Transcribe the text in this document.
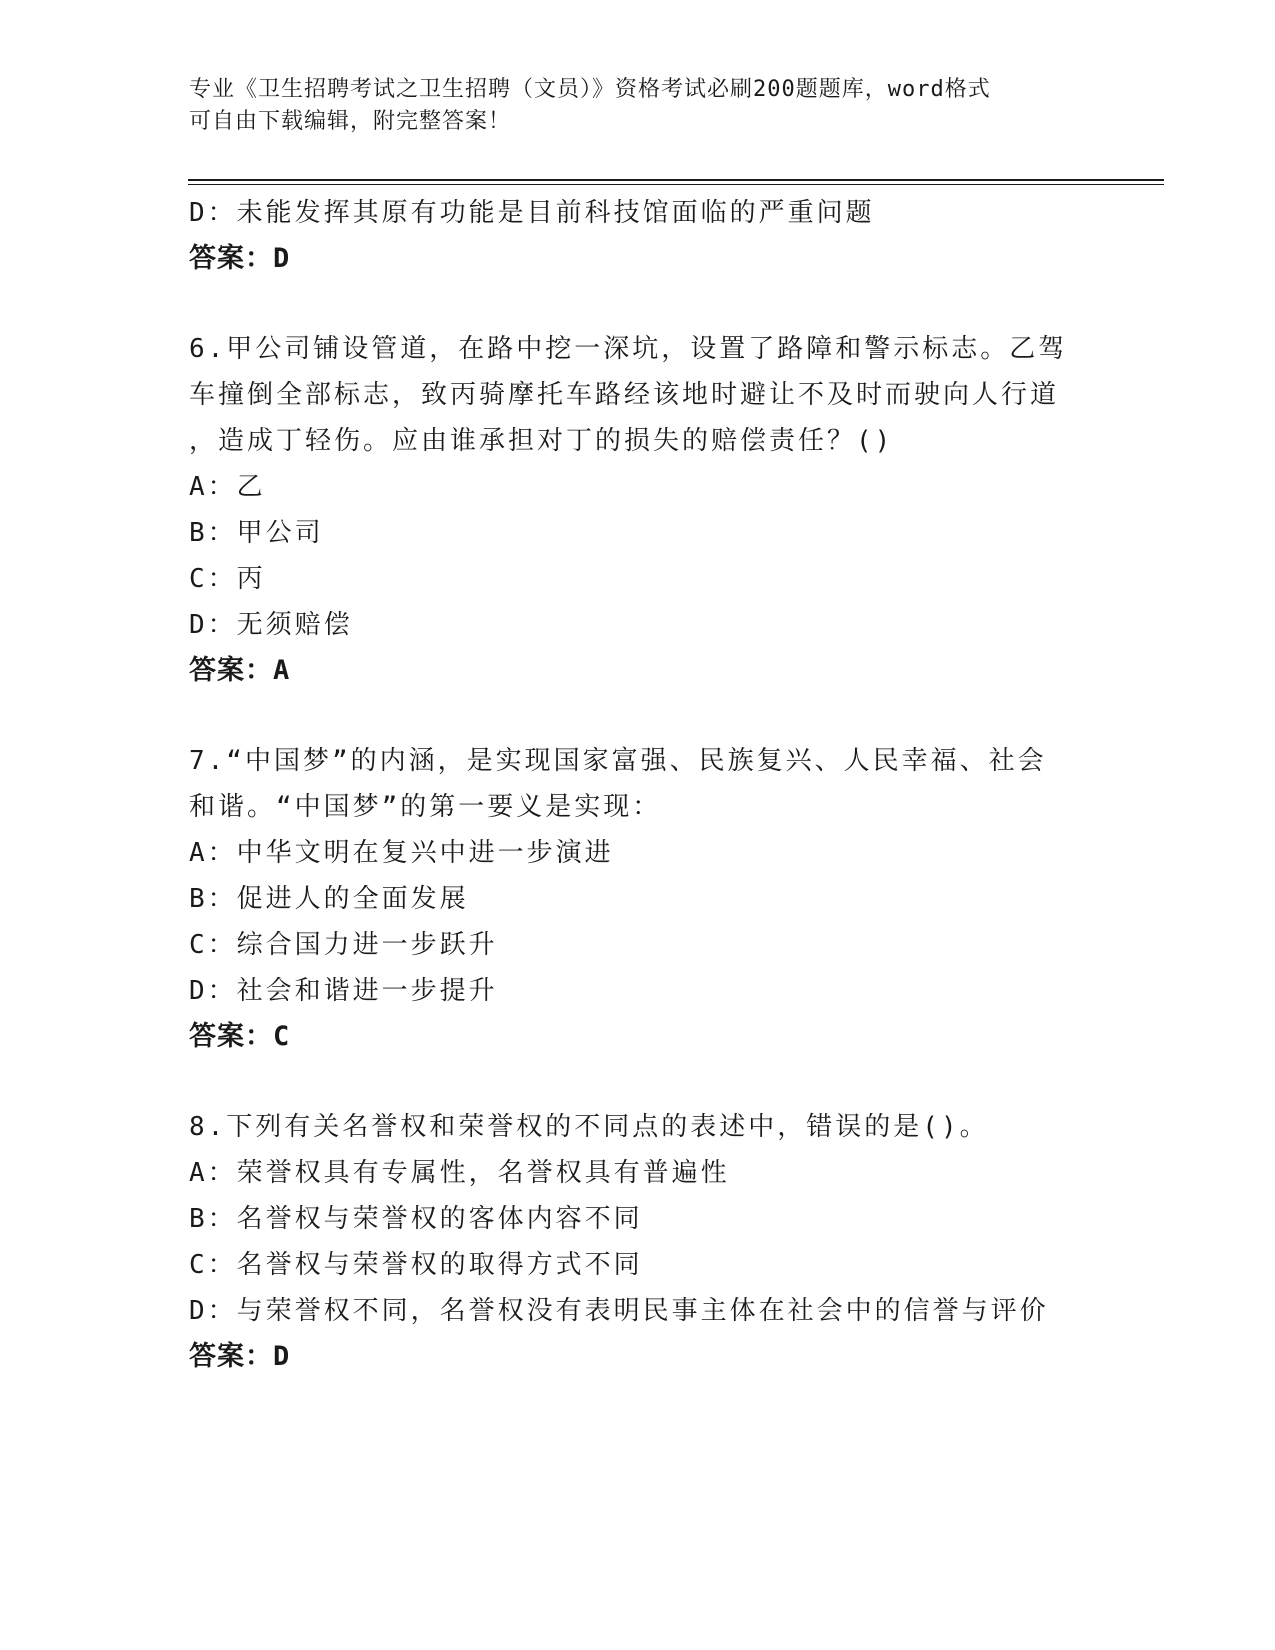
专业《卫生招聘考试之卫生招聘（文员）》资格考试必刷200题题库，word格式
可自由下载编辑，附完整答案！
D：未能发挥其原有功能是目前科技馆面临的严重问题
答案：D
6.甲公司铺设管道，在路中挖一深坑，设置了路障和警示标志。乙驾
车撞倒全部标志，致丙骑摩托车路经该地时避让不及时而驶向人行道
，造成丁轻伤。应由谁承担对丁的损失的赔偿责任？()
A：乙
B：甲公司
C：丙
D：无须赔偿
答案：A
7.“中国梦”的内涵，是实现国家富强、民族复兴、人民幸福、社会
和谐。“中国梦”的第一要义是实现：
A：中华文明在复兴中进一步演进
B：促进人的全面发展
C：综合国力进一步跃升
D：社会和谐进一步提升
答案：C
8.下列有关名誉权和荣誉权的不同点的表述中，错误的是()。
A：荣誉权具有专属性，名誉权具有普遍性
B：名誉权与荣誉权的客体内容不同
C：名誉权与荣誉权的取得方式不同
D：与荣誉权不同，名誉权没有表明民事主体在社会中的信誉与评价
答案：D
